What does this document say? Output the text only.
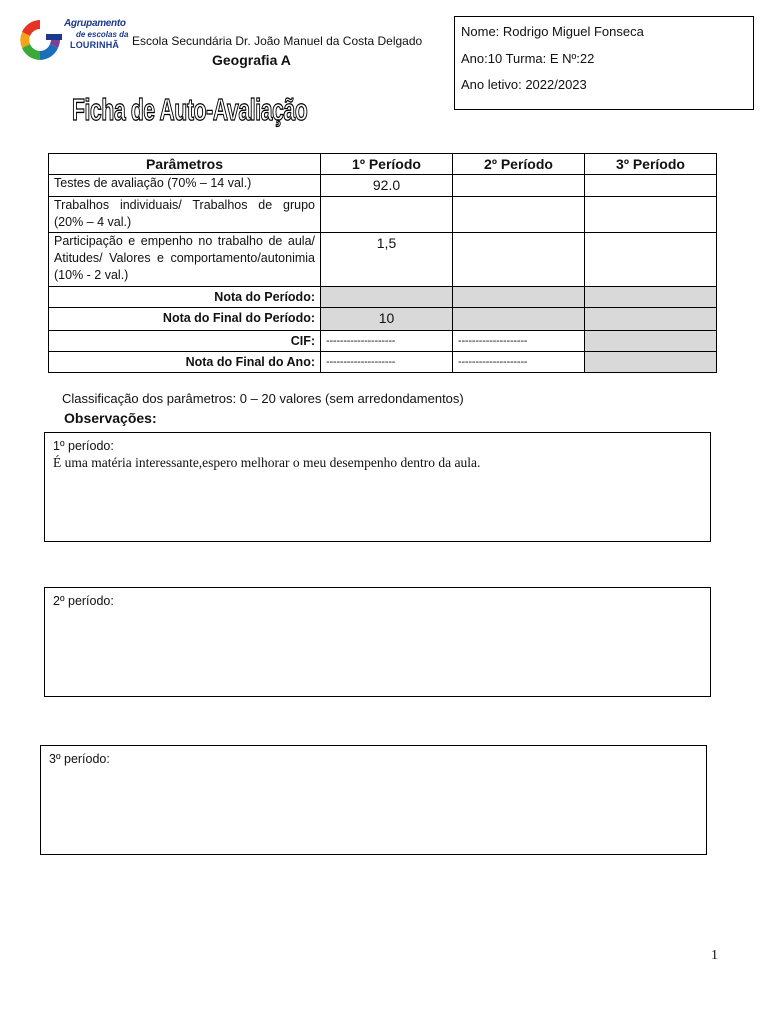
Agrupamento
de escolas da
LOURINHÃ Escola Secundária Dr. João Manuel da Costa Delgado
Geografia A
Ficha de Auto-Avaliação
Nome: Rodrigo Miguel Fonseca
Ano:10 Turma: E Nº:22
Ano letivo: 2022/2023
Parâmetros	1º Período	2º Período	3º Período
Testes de avaliação (70% – 14 val.)	92.0		
Trabalhos individuais/ Trabalhos de grupo (20% – 4 val.)			
Participação e empenho no trabalho de aula/ Atitudes/ Valores e comportamento/autonimia (10% - 2 val.)	1,5		
Nota do Período:			
Nota do Final do Período:	10		
CIF:	--------------------	--------------------	
Nota do Final do Ano:	--------------------	--------------------	
Classificação dos parâmetros: 0 – 20 valores (sem arredondamentos)
Observações:
1º período:
É uma matéria interessante,espero melhorar o meu desempenho dentro da aula.
2º período:
3º período:
1
